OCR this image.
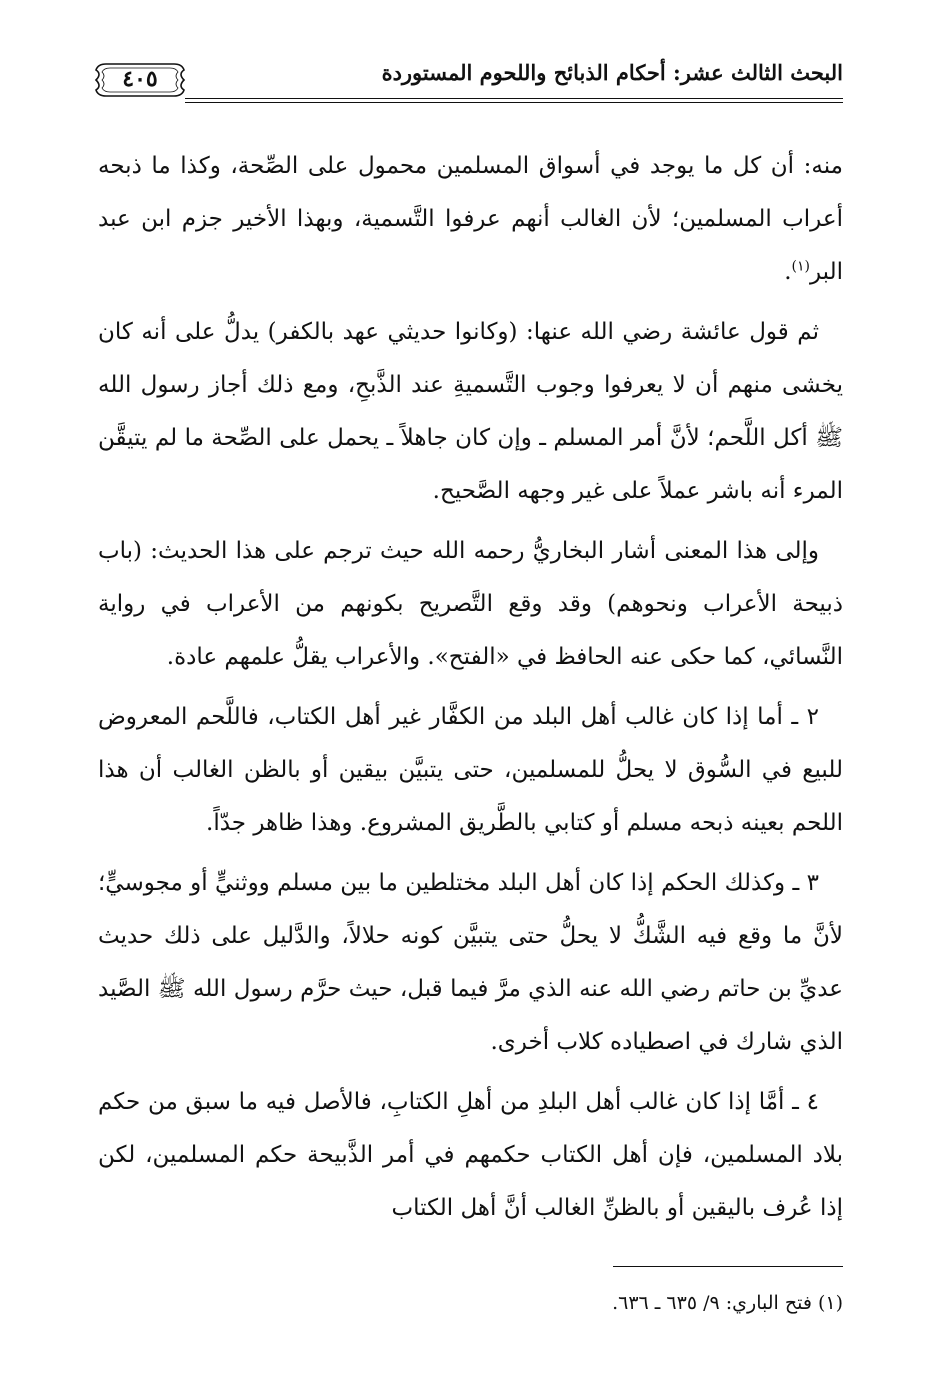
البحث الثالث عشر: أحكام الذبائح واللحوم المستوردة
٤٠٥

منه: أن كل ما يوجد في أسواق المسلمين محمول على الصِّحة، وكذا ما ذبحه أعراب المسلمين؛ لأن الغالب أنهم عرفوا التَّسمية، وبهذا الأخير جزم ابن عبد البر$^{(١)}$.

ثم قول عائشة رضي الله عنها: (وكانوا حديثي عهد بالكفر) يدلُّ على أنه كان يخشى منهم أن لا يعرفوا وجوب التَّسميةِ عند الذَّبحِ، ومع ذلك أجاز رسول الله ﷺ أكل اللَّحم؛ لأنَّ أمر المسلم ـ وإن كان جاهلاً ـ يحمل على الصِّحة ما لم يتيقَّن المرء أنه باشر عملاً على غير وجهه الصَّحيح.

وإلى هذا المعنى أشار البخاريُّ رحمه الله حيث ترجم على هذا الحديث: (باب ذبيحة الأعراب ونحوهم) وقد وقع التَّصريح بكونهم من الأعراب في رواية النَّسائي، كما حكى عنه الحافظ في «الفتح». والأعراب يقلُّ علمهم عادة.

٢ ـ أما إذا كان غالب أهل البلد من الكفَّار غير أهل الكتاب، فاللَّحم المعروض للبيع في السُّوق لا يحلُّ للمسلمين، حتى يتبيَّن بيقين أو بالظن الغالب أن هذا اللحم بعينه ذبحه مسلم أو كتابي بالطَّريق المشروع. وهذا ظاهر جدّاً.

٣ ـ وكذلك الحكم إذا كان أهل البلد مختلطين ما بين مسلم ووثنيٍّ أو مجوسيٍّ؛ لأنَّ ما وقع فيه الشَّكُّ لا يحلُّ حتى يتبيَّن كونه حلالاً، والدَّليل على ذلك حديث عديِّ بن حاتم رضي الله عنه الذي مرَّ فيما قبل، حيث حرَّم رسول الله ﷺ الصَّيد الذي شارك في اصطياده كلاب أخرى.

٤ ـ أمَّا إذا كان غالب أهل البلدِ من أهلِ الكتابِ، فالأصل فيه ما سبق من حكم بلاد المسلمين، فإن أهل الكتاب حكمهم في أمر الذَّبيحة حكم المسلمين، لكن إذا عُرف باليقين أو بالظنِّ الغالب أنَّ أهل الكتاب

(١) فتح الباري: ٩/ ٦٣٥ ـ ٦٣٦.
